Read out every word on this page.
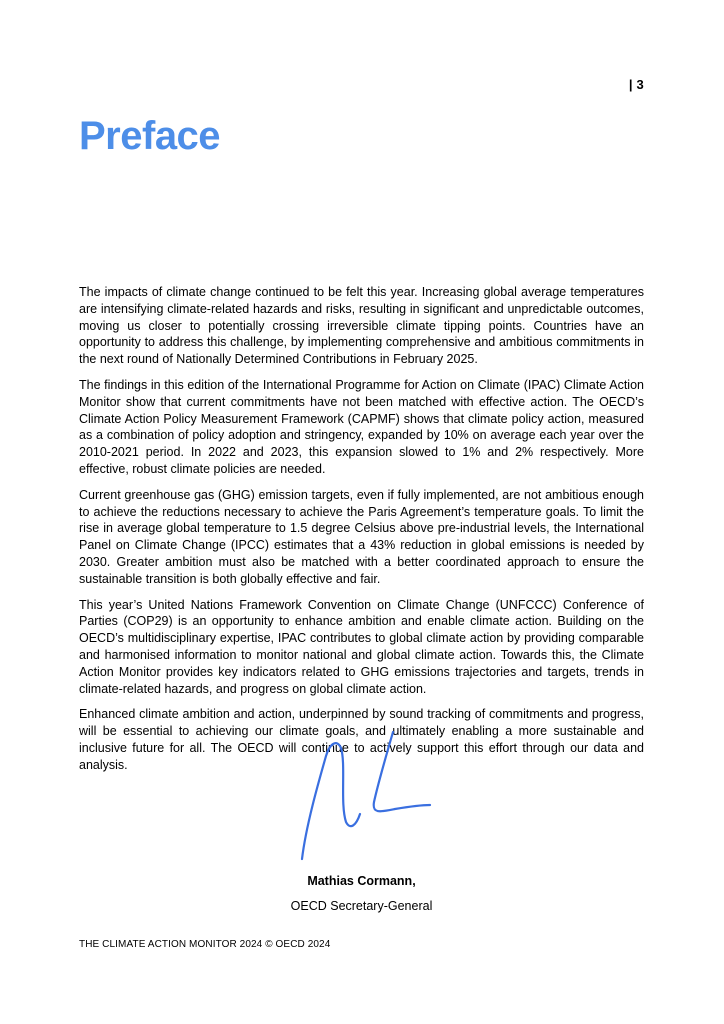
| 3
Preface

The impacts of climate change continued to be felt this year. Increasing global average temperatures are intensifying climate-related hazards and risks, resulting in significant and unpredictable outcomes, moving us closer to potentially crossing irreversible climate tipping points. Countries have an opportunity to address this challenge, by implementing comprehensive and ambitious commitments in the next round of Nationally Determined Contributions in February 2025.

The findings in this edition of the International Programme for Action on Climate (IPAC) Climate Action Monitor show that current commitments have not been matched with effective action. The OECD’s Climate Action Policy Measurement Framework (CAPMF) shows that climate policy action, measured as a combination of policy adoption and stringency, expanded by 10% on average each year over the 2010-2021 period. In 2022 and 2023, this expansion slowed to 1% and 2% respectively. More effective, robust climate policies are needed.

Current greenhouse gas (GHG) emission targets, even if fully implemented, are not ambitious enough to achieve the reductions necessary to achieve the Paris Agreement’s temperature goals. To limit the rise in average global temperature to 1.5 degree Celsius above pre-industrial levels, the International Panel on Climate Change (IPCC) estimates that a 43% reduction in global emissions is needed by 2030. Greater ambition must also be matched with a better coordinated approach to ensure the sustainable transition is both globally effective and fair.

This year’s United Nations Framework Convention on Climate Change (UNFCCC) Conference of Parties (COP29) is an opportunity to enhance ambition and enable climate action. Building on the OECD’s multidisciplinary expertise, IPAC contributes to global climate action by providing comparable and harmonised information to monitor national and global climate action. Towards this, the Climate Action Monitor provides key indicators related to GHG emissions trajectories and targets, trends in climate-related hazards, and progress on global climate action.

Enhanced climate ambition and action, underpinned by sound tracking of commitments and progress, will be essential to achieving our climate goals, and ultimately enabling a more sustainable and inclusive future for all. The OECD will continue to actively support this effort through our data and analysis.

Mathias Cormann,
OECD Secretary-General
THE CLIMATE ACTION MONITOR 2024 © OECD 2024
